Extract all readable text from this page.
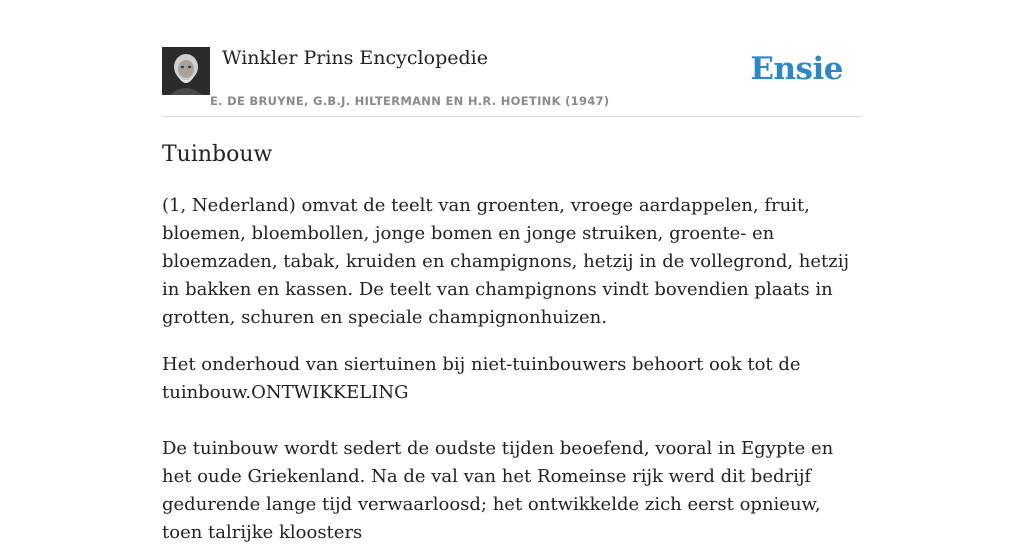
Winkler Prins Encyclopedie
E. DE BRUYNE, G.B.J. HILTERMANN EN H.R. HOETINK (1947)
Ensie
Tuinbouw

(1, Nederland) omvat de teelt van groenten, vroege aardappelen, fruit, bloemen, bloembollen, jonge bomen en jonge struiken, groente- en bloemzaden, tabak, kruiden en champignons, hetzij in de vollegrond, hetzij in bakken en kassen. De teelt van champignons vindt bovendien plaats in grotten, schuren en speciale champignonhuizen.

Het onderhoud van siertuinen bij niet-tuinbouwers behoort ook tot de tuinbouw.ONTWIKKELING

De tuinbouw wordt sedert de oudste tijden beoefend, vooral in Egypte en het oude Griekenland. Na de val van het Romeinse rijk werd dit bedrijf gedurende lange tijd verwaarloosd; het ontwikkelde zich eerst opnieuw, toen talrijke kloosters
